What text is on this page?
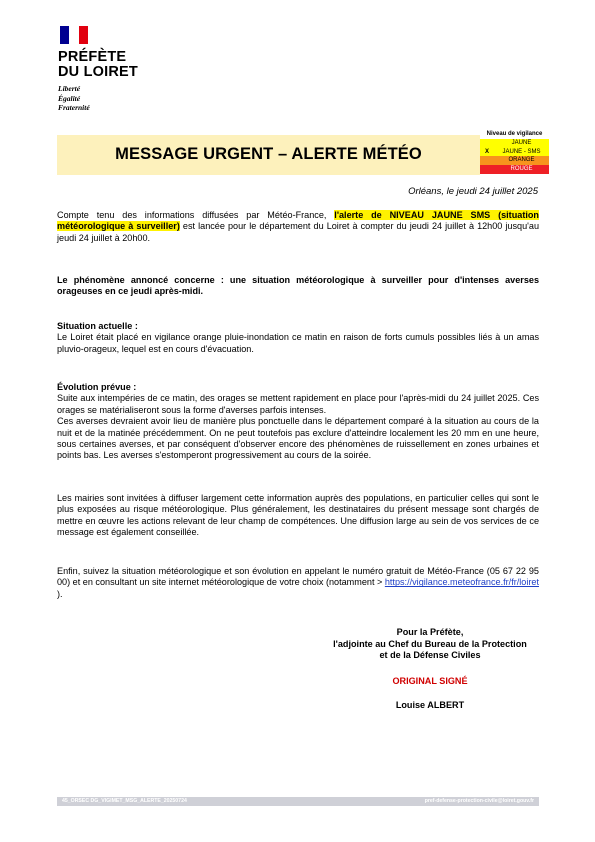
PRÉFÈTE
DU LOIRET
Liberté
Égalité
Fraternité
MESSAGE URGENT – ALERTE MÉTÉO
Niveau de vigilance
JAUNE
X	JAUNE - SMS
ORANGE
ROUGE
Orléans, le jeudi 24 juillet 2025
Compte tenu des informations diffusées par Météo-France, l'alerte de NIVEAU JAUNE SMS (situation météorologique à surveiller) est lancée pour le département du Loiret à compter du jeudi 24 juillet à 12h00 jusqu'au jeudi 24 juillet à 20h00.
Le phénomène annoncé concerne : une situation météorologique à surveiller pour d'intenses averses orageuses en ce jeudi après-midi.
Situation actuelle :
Le Loiret était placé en vigilance orange pluie-inondation ce matin en raison de forts cumuls possibles liés à un amas pluvio-orageux, lequel est en cours d'évacuation.
Évolution prévue :
Suite aux intempéries de ce matin, des orages se mettent rapidement en place pour l'après-midi du 24 juillet 2025. Ces orages se matérialiseront sous la forme d'averses parfois intenses.
Ces averses devraient avoir lieu de manière plus ponctuelle dans le département comparé à la situation au cours de la nuit et de la matinée précédemment. On ne peut toutefois pas exclure d'atteindre localement les 20 mm en une heure, sous certaines averses, et par conséquent d'observer encore des phénomènes de ruissellement en zones urbaines et points bas. Les averses s'estomperont progressivement au cours de la soirée.
Les mairies sont invitées à diffuser largement cette information auprès des populations, en particulier celles qui sont le plus exposées au risque météorologique. Plus généralement, les destinataires du présent message sont chargés de mettre en œuvre les actions relevant de leur champ de compétences. Une diffusion large au sein de vos services de ce message est également conseillée.
Enfin, suivez la situation météorologique et son évolution en appelant le numéro gratuit de Météo-France (05 67 22 95 00) et en consultant un site internet météorologique de votre choix (notamment > https://vigilance.meteofrance.fr/fr/loiret ).
Pour la Préfète,
l'adjointe au Chef du Bureau de la Protection
et de la Défense Civiles
ORIGINAL SIGNÉ
Louise ALBERT
45_ORSEC DG_VIGIMET_MSG_ALERTE_20250724	pref-defense-protection-civile@loiret.gouv.fr
